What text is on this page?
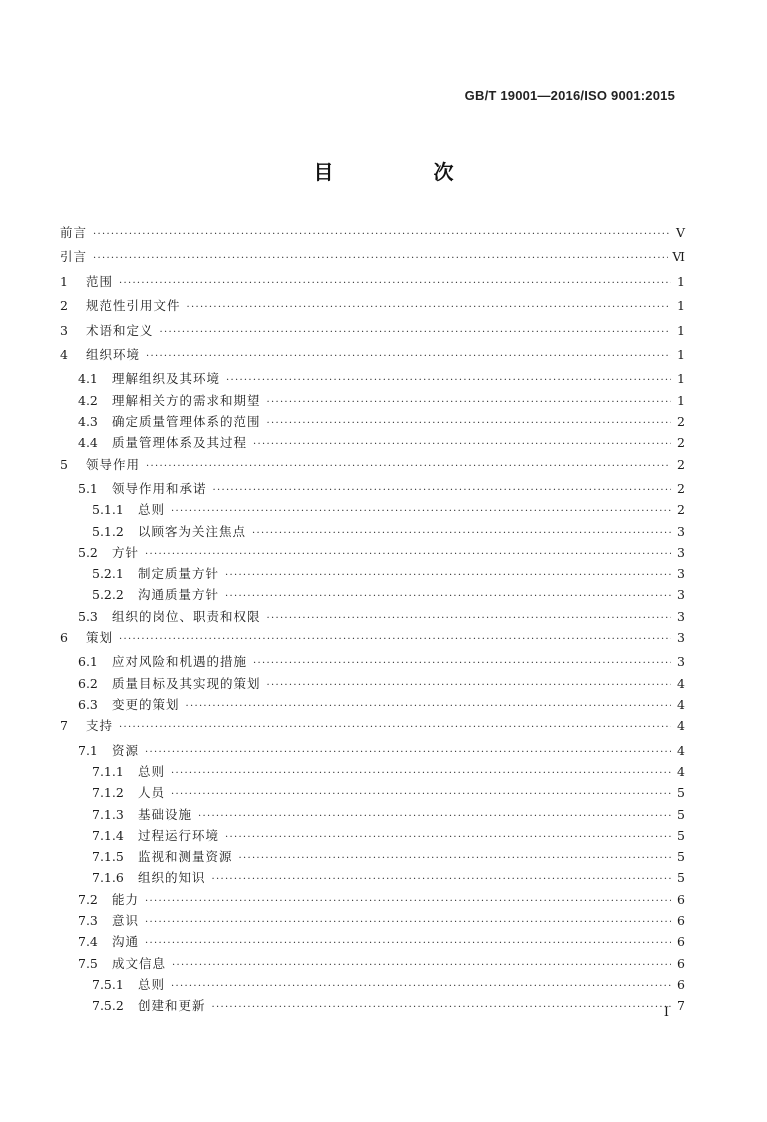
GB/T 19001—2016/ISO 9001:2015
目　次
前言 ·····	Ⅴ
引言 ·····	Ⅵ
1	范围 ·····	1
2	规范性引用文件 ·····	1
3	术语和定义 ·····	1
4	组织环境 ·····	1
4.1	理解组织及其环境 ·····	1
4.2	理解相关方的需求和期望 ·····	1
4.3	确定质量管理体系的范围 ·····	2
4.4	质量管理体系及其过程 ·····	2
5	领导作用 ·····	2
5.1	领导作用和承诺 ·····	2
5.1.1	总则 ·····	2
5.1.2	以顾客为关注焦点 ·····	3
5.2	方针 ·····	3
5.2.1	制定质量方针 ·····	3
5.2.2	沟通质量方针 ·····	3
5.3	组织的岗位、职责和权限 ·····	3
6	策划 ·····	3
6.1	应对风险和机遇的措施 ·····	3
6.2	质量目标及其实现的策划 ·····	4
6.3	变更的策划 ·····	4
7	支持 ·····	4
7.1	资源 ·····	4
7.1.1	总则 ·····	4
7.1.2	人员 ·····	5
7.1.3	基础设施 ·····	5
7.1.4	过程运行环境 ·····	5
7.1.5	监视和测量资源 ·····	5
7.1.6	组织的知识 ·····	5
7.2	能力 ·····	6
7.3	意识 ·····	6
7.4	沟通 ·····	6
7.5	成文信息 ·····	6
7.5.1	总则 ·····	6
7.5.2	创建和更新 ·····	7
Ⅰ
